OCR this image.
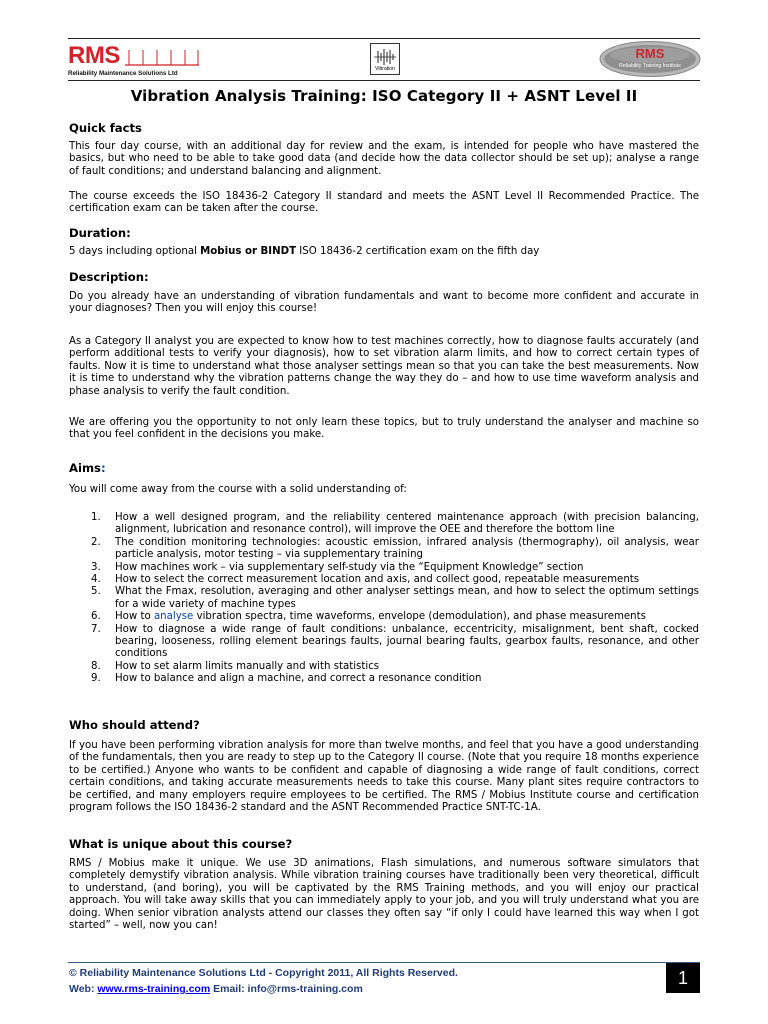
RMS
Reliability Maintenance Solutions Ltd
Vibration
RMS
Reliability Training Institute
Vibration Analysis Training: ISO Category II + ASNT Level II
Quick facts
This four day course, with an additional day for review and the exam, is intended for people who have mastered the basics, but who need to be able to take good data (and decide how the data collector should be set up); analyse a range of fault conditions; and understand balancing and alignment.
The course exceeds the ISO 18436-2 Category II standard and meets the ASNT Level II Recommended Practice. The certification exam can be taken after the course.
Duration:
5 days including optional Mobius or BINDT ISO 18436-2 certification exam on the fifth day
Description:
Do you already have an understanding of vibration fundamentals and want to become more confident and accurate in your diagnoses? Then you will enjoy this course!
As a Category II analyst you are expected to know how to test machines correctly, how to diagnose faults accurately (and perform additional tests to verify your diagnosis), how to set vibration alarm limits, and how to correct certain types of faults. Now it is time to understand what those analyser settings mean so that you can take the best measurements. Now it is time to understand why the vibration patterns change the way they do – and how to use time waveform analysis and phase analysis to verify the fault condition.
We are offering you the opportunity to not only learn these topics, but to truly understand the analyser and machine so that you feel confident in the decisions you make.
Aims:
You will come away from the course with a solid understanding of:
1. How a well designed program, and the reliability centered maintenance approach (with precision balancing, alignment, lubrication and resonance control), will improve the OEE and therefore the bottom line
2. The condition monitoring technologies: acoustic emission, infrared analysis (thermography), oil analysis, wear particle analysis, motor testing – via supplementary training
3. How machines work – via supplementary self-study via the “Equipment Knowledge” section
4. How to select the correct measurement location and axis, and collect good, repeatable measurements
5. What the Fmax, resolution, averaging and other analyser settings mean, and how to select the optimum settings for a wide variety of machine types
6. How to analyse vibration spectra, time waveforms, envelope (demodulation), and phase measurements
7. How to diagnose a wide range of fault conditions: unbalance, eccentricity, misalignment, bent shaft, cocked bearing, looseness, rolling element bearings faults, journal bearing faults, gearbox faults, resonance, and other conditions
8. How to set alarm limits manually and with statistics
9. How to balance and align a machine, and correct a resonance condition
Who should attend?
If you have been performing vibration analysis for more than twelve months, and feel that you have a good understanding of the fundamentals, then you are ready to step up to the Category II course. (Note that you require 18 months experience to be certified.) Anyone who wants to be confident and capable of diagnosing a wide range of fault conditions, correct certain conditions, and taking accurate measurements needs to take this course. Many plant sites require contractors to be certified, and many employers require employees to be certified. The RMS / Mobius Institute course and certification program follows the ISO 18436-2 standard and the ASNT Recommended Practice SNT-TC-1A.
What is unique about this course?
RMS / Mobius make it unique. We use 3D animations, Flash simulations, and numerous software simulators that completely demystify vibration analysis. While vibration training courses have traditionally been very theoretical, difficult to understand, (and boring), you will be captivated by the RMS Training methods, and you will enjoy our practical approach. You will take away skills that you can immediately apply to your job, and you will truly understand what you are doing. When senior vibration analysts attend our classes they often say “if only I could have learned this way when I got started” – well, now you can!
© Reliability Maintenance Solutions Ltd - Copyright 2011, All Rights Reserved.
Web: www.rms-training.com Email: info@rms-training.com
1
